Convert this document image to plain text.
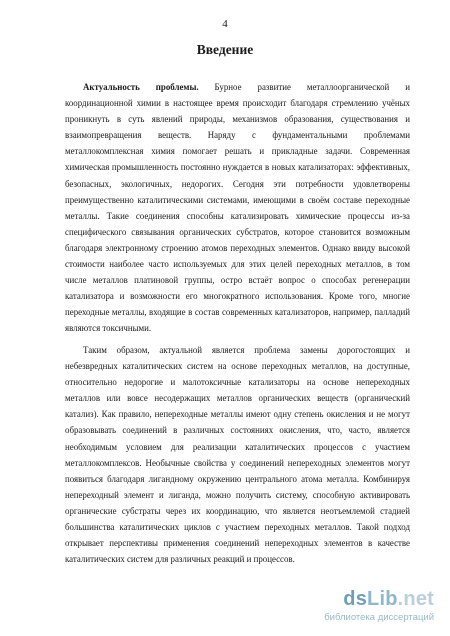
4
Введение

Актуальность проблемы. Бурное развитие металлоорганической и координационной химии в настоящее время происходит благодаря стремлению учёных проникнуть в суть явлений природы, механизмов образования, существования и взаимопревращения веществ. Наряду с фундаментальными проблемами металлокомплексная химия помогает решать и прикладные задачи. Современная химическая промышленность постоянно нуждается в новых катализаторах: эффективных, безопасных, экологичных, недорогих. Сегодня эти потребности удовлетворены преимущественно каталитическими системами, имеющими в своём составе переходные металлы. Такие соединения способны катализировать химические процессы из-за специфического связывания органических субстратов, которое становится возможным благодаря электронному строению атомов переходных элементов. Однако ввиду высокой стоимости наиболее часто используемых для этих целей переходных металлов, в том числе металлов платиновой группы, остро встаёт вопрос о способах регенерации катализатора и возможности его многократного использования. Кроме того, многие переходные металлы, входящие в состав современных катализаторов, например, палладий являются токсичными.

Таким образом, актуальной является проблема замены дорогостоящих и небезвредных каталитических систем на основе переходных металлов, на доступные, относительно недорогие и малотоксичные катализаторы на основе непереходных металлов или вовсе несодержащих металлов органических веществ (органический катализ). Как правило, непереходные металлы имеют одну степень окисления и не могут образовывать соединений в различных состояниях окисления, что, часто, является необходимым условием для реализации каталитических процессов с участием металлокомплексов. Необычные свойства у соединений непереходных элементов могут появиться благодаря лигандному окружению центрального атома металла. Комбинируя непереходный элемент и лиганда, можно получить систему, способную активировать органические субстраты через их координацию, что является неотъемлемой стадией большинства каталитических циклов с участием переходных металлов. Такой подход открывает перспективы применения соединений непереходных элементов в качестве каталитических систем для различных реакций и процессов.

dsLib.net
библиотека диссертаций
